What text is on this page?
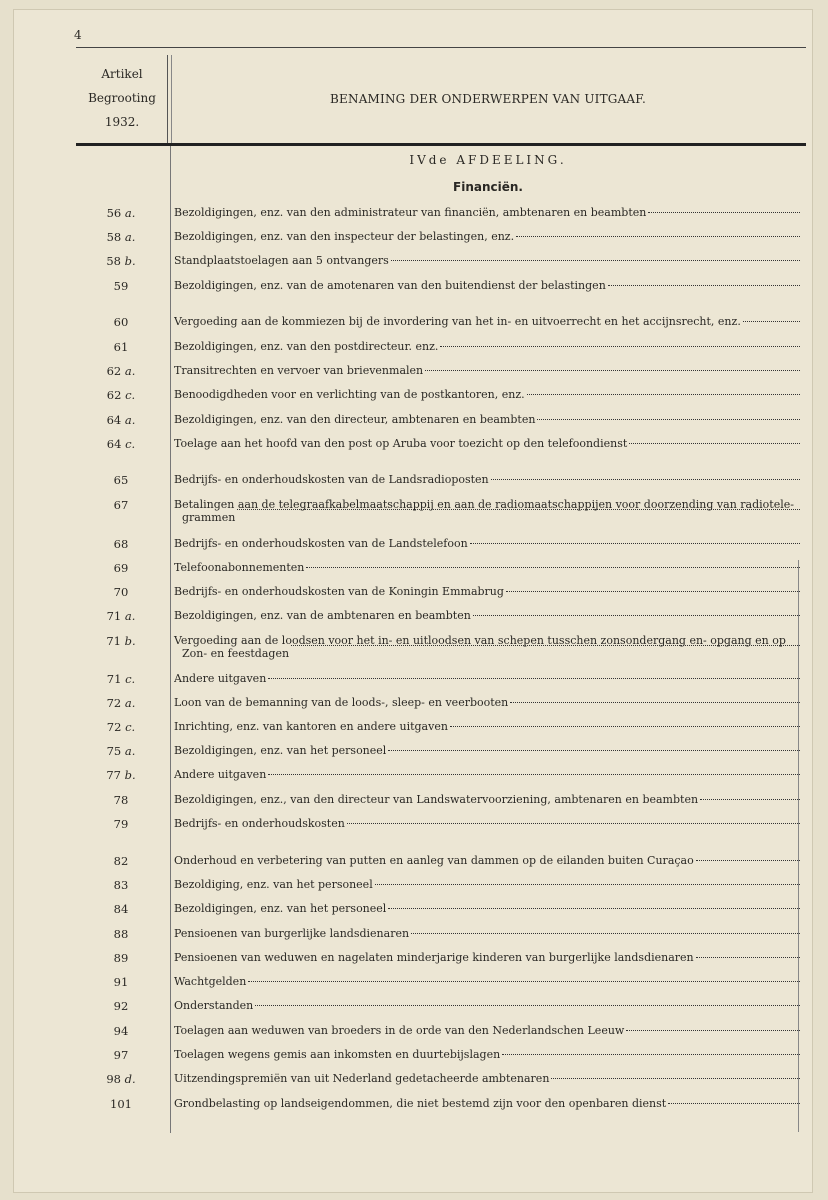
4
Artikel
Begrooting
1932.
BENAMING DER ONDERWERPEN VAN UITGAAF.
IVde AFDEELING.
Financiën.
56 a.	Bezoldigingen, enz. van den administrateur van financiën, ambtenaren en beambten
58 a.	Bezoldigingen, enz. van den inspecteur der belastingen, enz.
58 b.	Standplaatstoelagen aan 5 ontvangers
59	Bezoldigingen, enz. van de amotenaren van den buitendienst der belastingen
60	Vergoeding aan de kommiezen bij de invordering van het in- en uitvoerrecht en het accijnsrecht, enz.
61	Bezoldigingen, enz. van den postdirecteur. enz.
62 a.	Transitrechten en vervoer van brievenmalen
62 c.	Benoodigdheden voor en verlichting van de postkantoren, enz.
64 a.	Bezoldigingen, enz. van den directeur, ambtenaren en beambten
64 c.	Toelage aan het hoofd van den post op Aruba voor toezicht op den telefoondienst
65	Bedrijfs- en onderhoudskosten van de Landsradioposten
67	Betalingen aan de telegraafkabelmaatschappij en aan de radiomaatschappijen voor doorzending van radiotele-
grammen
68	Bedrijfs- en onderhoudskosten van de Landstelefoon
69	Telefoonabonnementen
70	Bedrijfs- en onderhoudskosten van de Koningin Emmabrug
71 a.	Bezoldigingen, enz. van de ambtenaren en beambten
71 b.	Vergoeding aan de loodsen voor het in- en uitloodsen van schepen tusschen zonsondergang en- opgang en op
Zon- en feestdagen
71 c.	Andere uitgaven
72 a.	Loon van de bemanning van de loods-, sleep- en veerbooten
72 c.	Inrichting, enz. van kantoren en andere uitgaven
75 a.	Bezoldigingen, enz. van het personeel
77 b.	Andere uitgaven
78	Bezoldigingen, enz., van den directeur van Landswatervoorziening, ambtenaren en beambten
79	Bedrijfs- en onderhoudskosten
82	Onderhoud en verbetering van putten en aanleg van dammen op de eilanden buiten Curaçao
83	Bezoldiging, enz. van het personeel
84	Bezoldigingen, enz. van het personeel
88	Pensioenen van burgerlijke landsdienaren
89	Pensioenen van weduwen en nagelaten minderjarige kinderen van burgerlijke landsdienaren
91	Wachtgelden
92	Onderstanden
94	Toelagen aan weduwen van broeders in de orde van den Nederlandschen Leeuw
97	Toelagen wegens gemis aan inkomsten en duurtebijslagen
98 d.	Uitzendingspremiën van uit Nederland gedetacheerde ambtenaren
101	Grondbelasting op landseigendommen, die niet bestemd zijn voor den openbaren dienst
